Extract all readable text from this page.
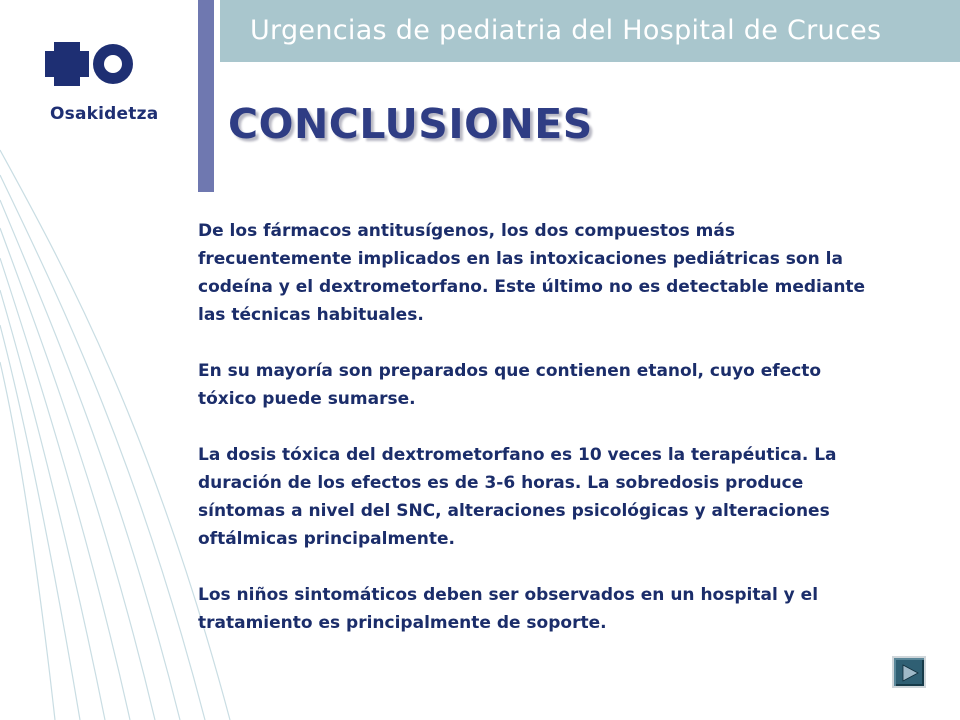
Osakidetza
Urgencias de pediatria del Hospital de Cruces
CONCLUSIONES

De los fármacos antitusígenos, los dos compuestos más frecuentemente implicados en las intoxicaciones pediátricas son la codeína y el dextrometorfano. Este último no es detectable mediante las técnicas habituales.

En su mayoría son preparados que contienen etanol, cuyo efecto tóxico puede sumarse.

La dosis tóxica del dextrometorfano es 10 veces la terapéutica. La duración de los efectos es de 3-6 horas. La sobredosis produce síntomas a nivel del SNC, alteraciones psicológicas y alteraciones oftálmicas principalmente.

Los niños sintomáticos deben ser observados en un hospital y el tratamiento es principalmente de soporte.
